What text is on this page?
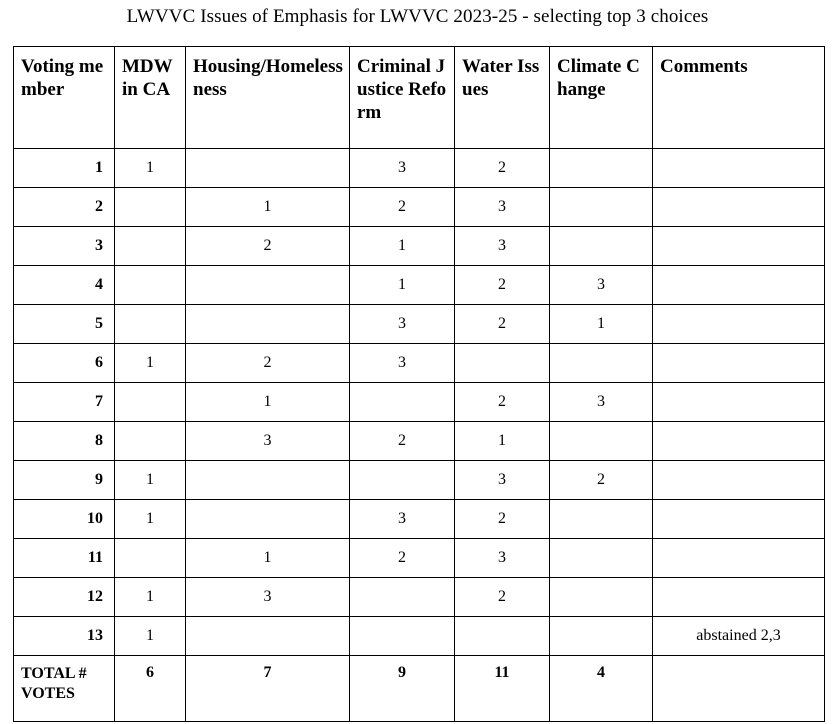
LWVVC Issues of Emphasis for LWVVC 2023-25 - selecting top 3 choices
Voting member	MDW in CA	Housing/Homelessness	Criminal Justice Reform	Water Issues	Climate Change	Comments
1	1		3	2		
2		1	2	3		
3		2	1	3		
4			1	2	3	
5			3	2	1	
6	1	2	3			
7		1		2	3	
8		3	2	1		
9	1			3	2	
10	1		3	2		
11		1	2	3		
12	1	3		2		
13	1					abstained 2,3
TOTAL # VOTES	6	7	9	11	4	
